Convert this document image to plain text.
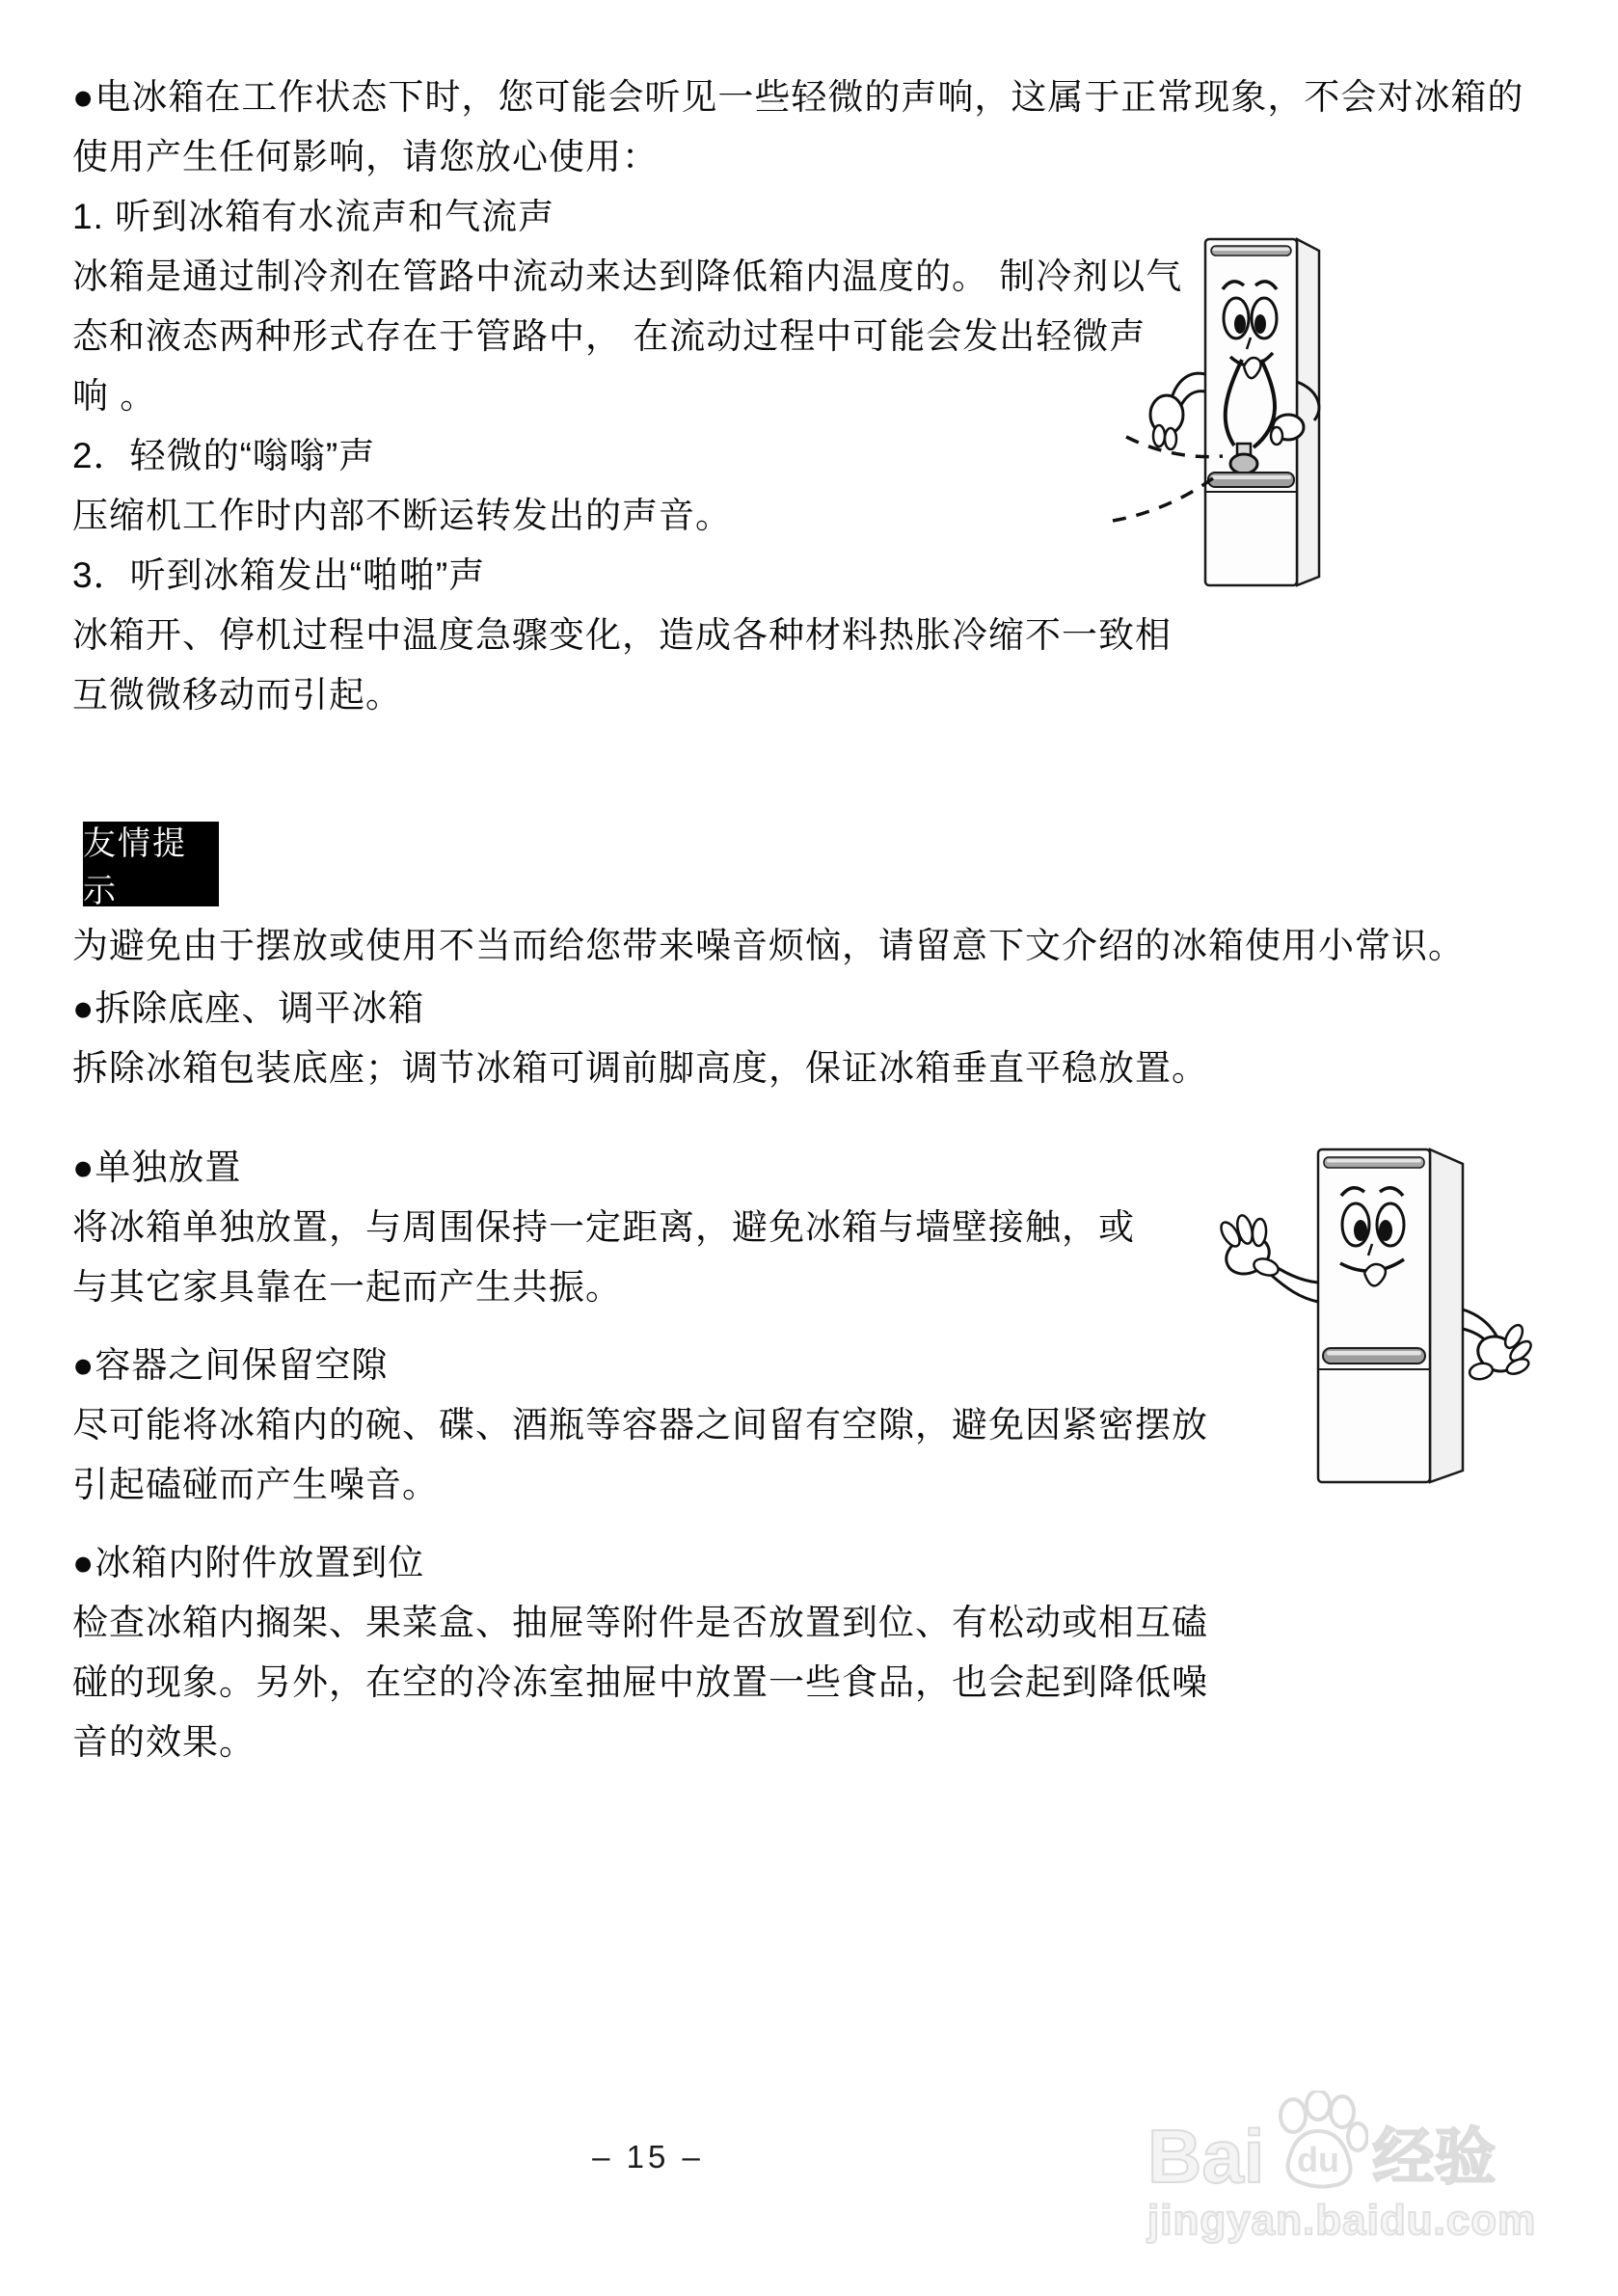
●电冰箱在工作状态下时，您可能会听见一些轻微的声响，这属于正常现象，不会对冰箱的
使用产生任何影响，请您放心使用：
1. 听到冰箱有水流声和气流声
冰箱是通过制冷剂在管路中流动来达到降低箱内温度的。 制冷剂以气
态和液态两种形式存在于管路中， 在流动过程中可能会发出轻微声
响 。
2．轻微的“嗡嗡”声
压缩机工作时内部不断运转发出的声音。
3．听到冰箱发出“啪啪”声
冰箱开、停机过程中温度急骤变化，造成各种材料热胀冷缩不一致相
互微微移动而引起。
友情提示
为避免由于摆放或使用不当而给您带来噪音烦恼，请留意下文介绍的冰箱使用小常识。
●拆除底座、调平冰箱
拆除冰箱包装底座；调节冰箱可调前脚高度，保证冰箱垂直平稳放置。
●单独放置
将冰箱单独放置，与周围保持一定距离，避免冰箱与墙壁接触，或
与其它家具靠在一起而产生共振。
●容器之间保留空隙
尽可能将冰箱内的碗、碟、酒瓶等容器之间留有空隙，避免因紧密摆放
引起磕碰而产生噪音。
●冰箱内附件放置到位
检查冰箱内搁架、果菜盒、抽屉等附件是否放置到位、有松动或相互磕
碰的现象。另外，在空的冷冻室抽屉中放置一些食品，也会起到降低噪
音的效果。
– 15 –	Bai du 经验
jingyan.baidu.com
